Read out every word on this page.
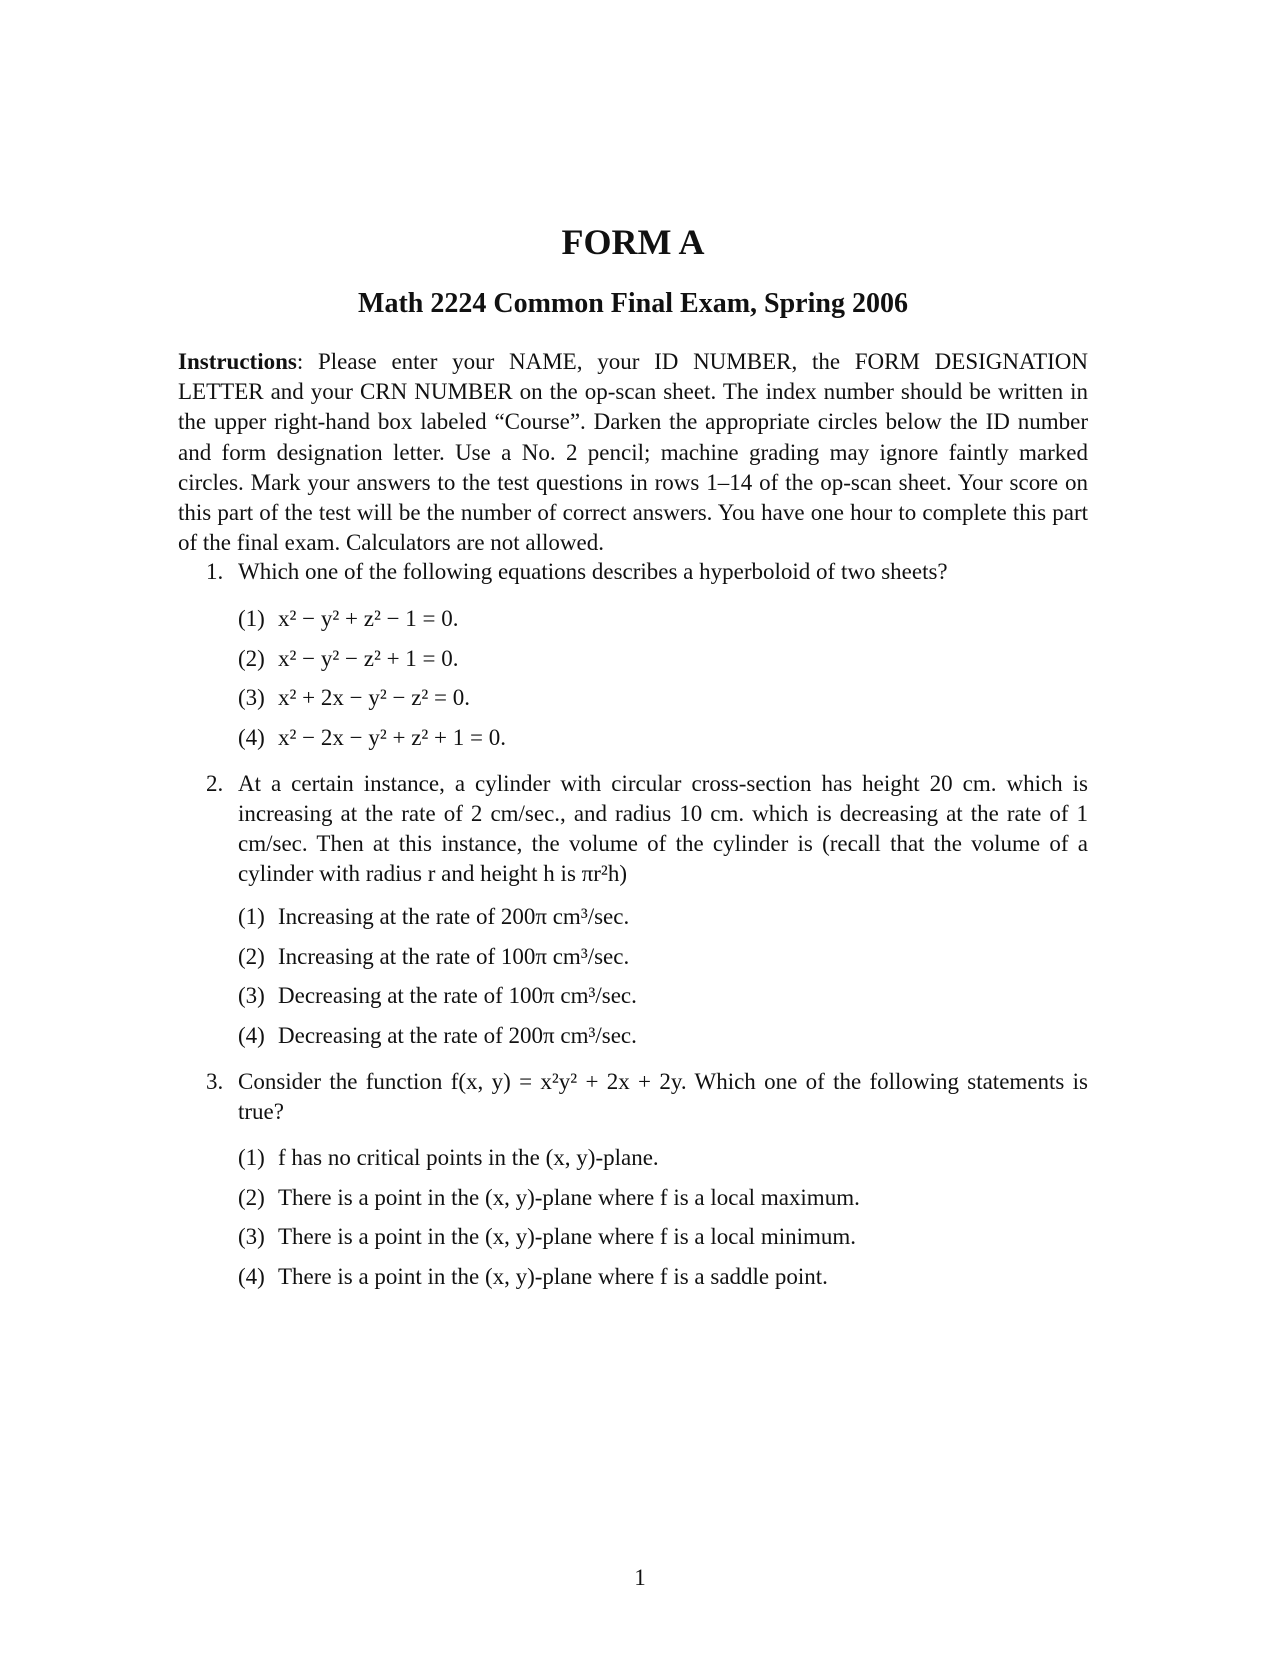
FORM A
Math 2224 Common Final Exam, Spring 2006

Instructions: Please enter your NAME, your ID NUMBER, the FORM DESIGNATION LETTER and your CRN NUMBER on the op-scan sheet. The index number should be written in the upper right-hand box labeled “Course”. Darken the appropriate circles below the ID number and form designation letter. Use a No. 2 pencil; machine grading may ignore faintly marked circles. Mark your answers to the test questions in rows 1–14 of the op-scan sheet. Your score on this part of the test will be the number of correct answers. You have one hour to complete this part of the final exam. Calculators are not allowed.

1. Which one of the following equations describes a hyperboloid of two sheets?
(1) x² − y² + z² − 1 = 0.
(2) x² − y² − z² + 1 = 0.
(3) x² + 2x − y² − z² = 0.
(4) x² − 2x − y² + z² + 1 = 0.
2. At a certain instance, a cylinder with circular cross-section has height 20 cm. which is increasing at the rate of 2 cm/sec., and radius 10 cm. which is decreasing at the rate of 1 cm/sec. Then at this instance, the volume of the cylinder is (recall that the volume of a cylinder with radius r and height h is πr²h)
(1) Increasing at the rate of 200π cm³/sec.
(2) Increasing at the rate of 100π cm³/sec.
(3) Decreasing at the rate of 100π cm³/sec.
(4) Decreasing at the rate of 200π cm³/sec.
3. Consider the function f(x, y) = x²y² + 2x + 2y. Which one of the following statements is true?
(1) f has no critical points in the (x, y)-plane.
(2) There is a point in the (x, y)-plane where f is a local maximum.
(3) There is a point in the (x, y)-plane where f is a local minimum.
(4) There is a point in the (x, y)-plane where f is a saddle point.
1
